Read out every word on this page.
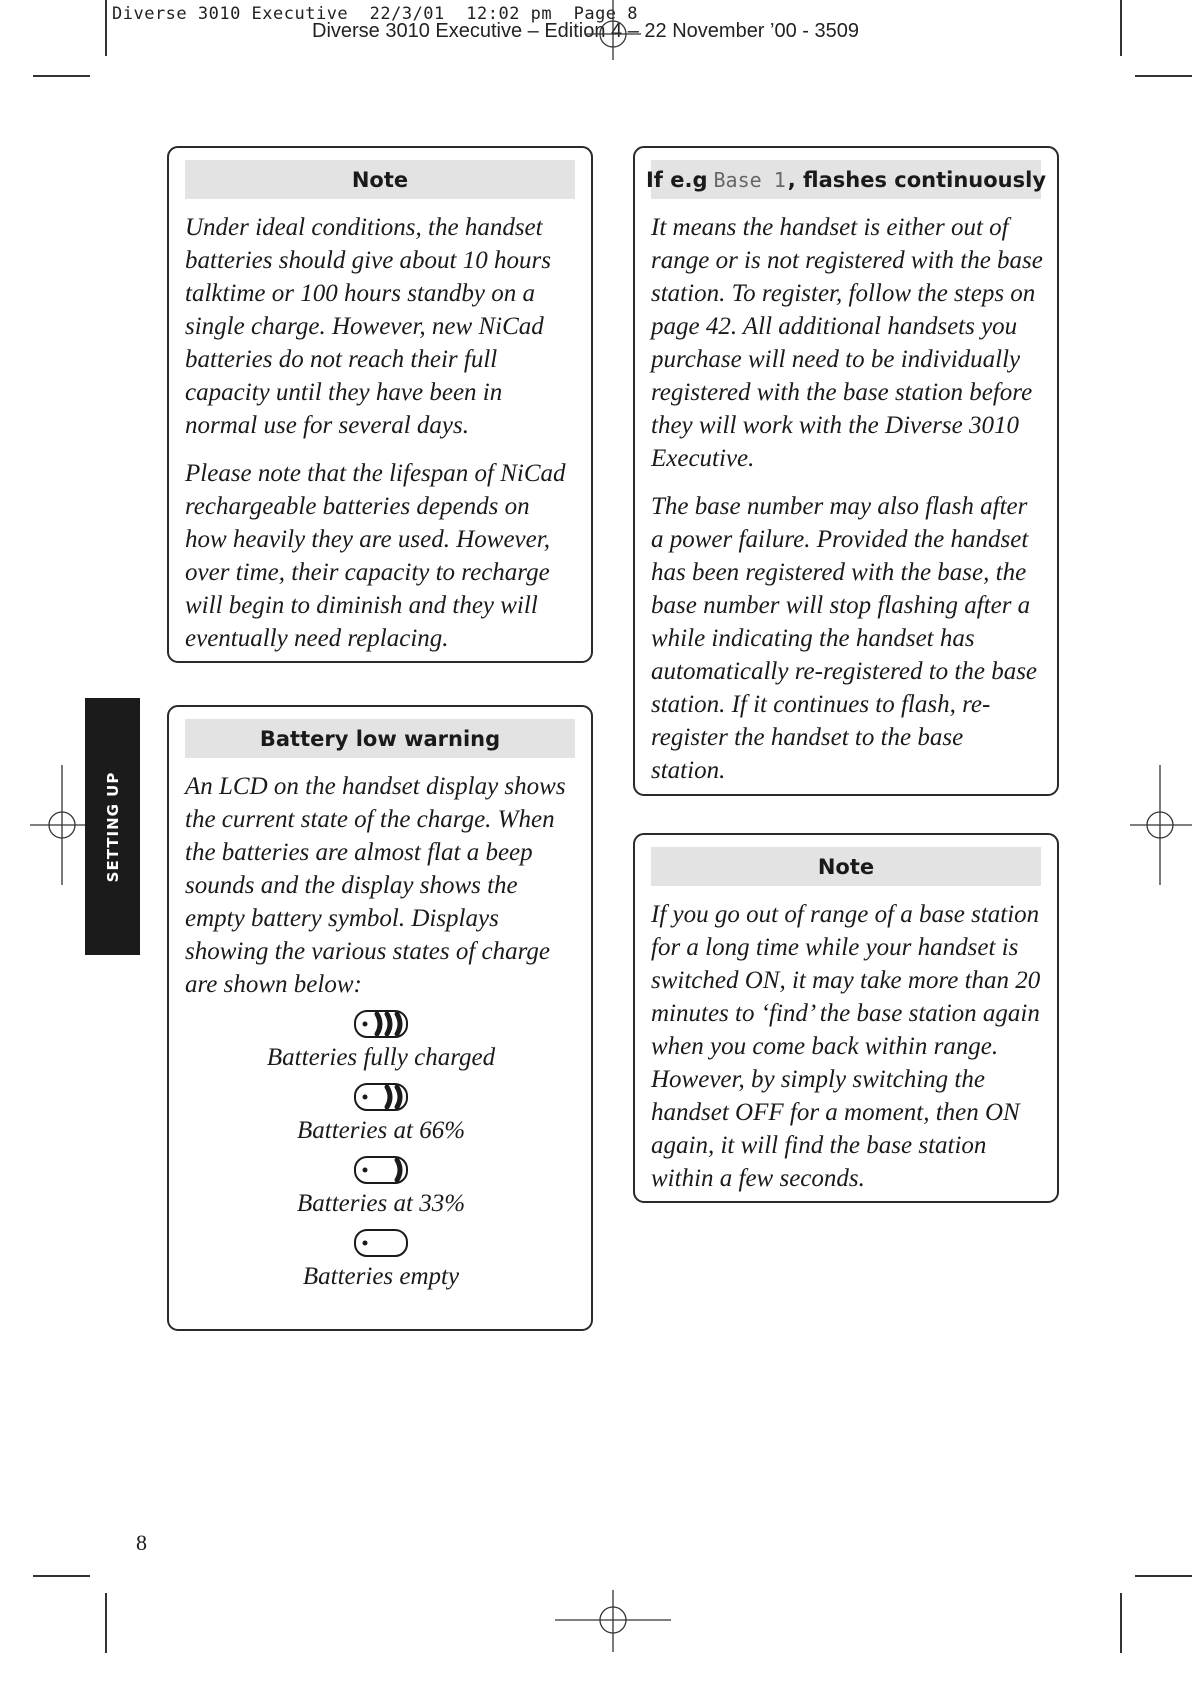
Diverse 3010 Executive  22/3/01  12:02 pm  Page 8
Diverse 3010 Executive – Edition 4 – 22 November ’00 - 3509
SETTING UP
Note

Under ideal conditions, the handset batteries should give about 10 hours talktime or 100 hours standby on a single charge. However, new NiCad batteries do not reach their full capacity until they have been in normal use for several days.

Please note that the lifespan of NiCad rechargeable batteries depends on how heavily they are used. However, over time, their capacity to recharge will begin to diminish and they will eventually need replacing.

Battery low warning

An LCD on the handset display shows the current state of the charge. When the batteries are almost flat a beep sounds and the display shows the empty battery symbol. Displays showing the various states of charge are shown below:

Batteries fully charged
Batteries at 66%
Batteries at 33%
Batteries empty
If e.g Base 1 , flashes continuously

It means the handset is either out of range or is not registered with the base station. To register, follow the steps on page 42. All additional handsets you purchase will need to be individually registered with the base station before they will work with the Diverse 3010 Executive.

The base number may also flash after a power failure. Provided the handset has been registered with the base, the base number will stop flashing after a while indicating the handset has automatically re-registered to the base station. If it continues to flash, re-register the handset to the base station.

Note

If you go out of range of a base station for a long time while your handset is switched ON, it may take more than 20 minutes to ‘find’ the base station again when you come back within range. However, by simply switching the handset OFF for a moment, then ON again, it will find the base station within a few seconds.

8
